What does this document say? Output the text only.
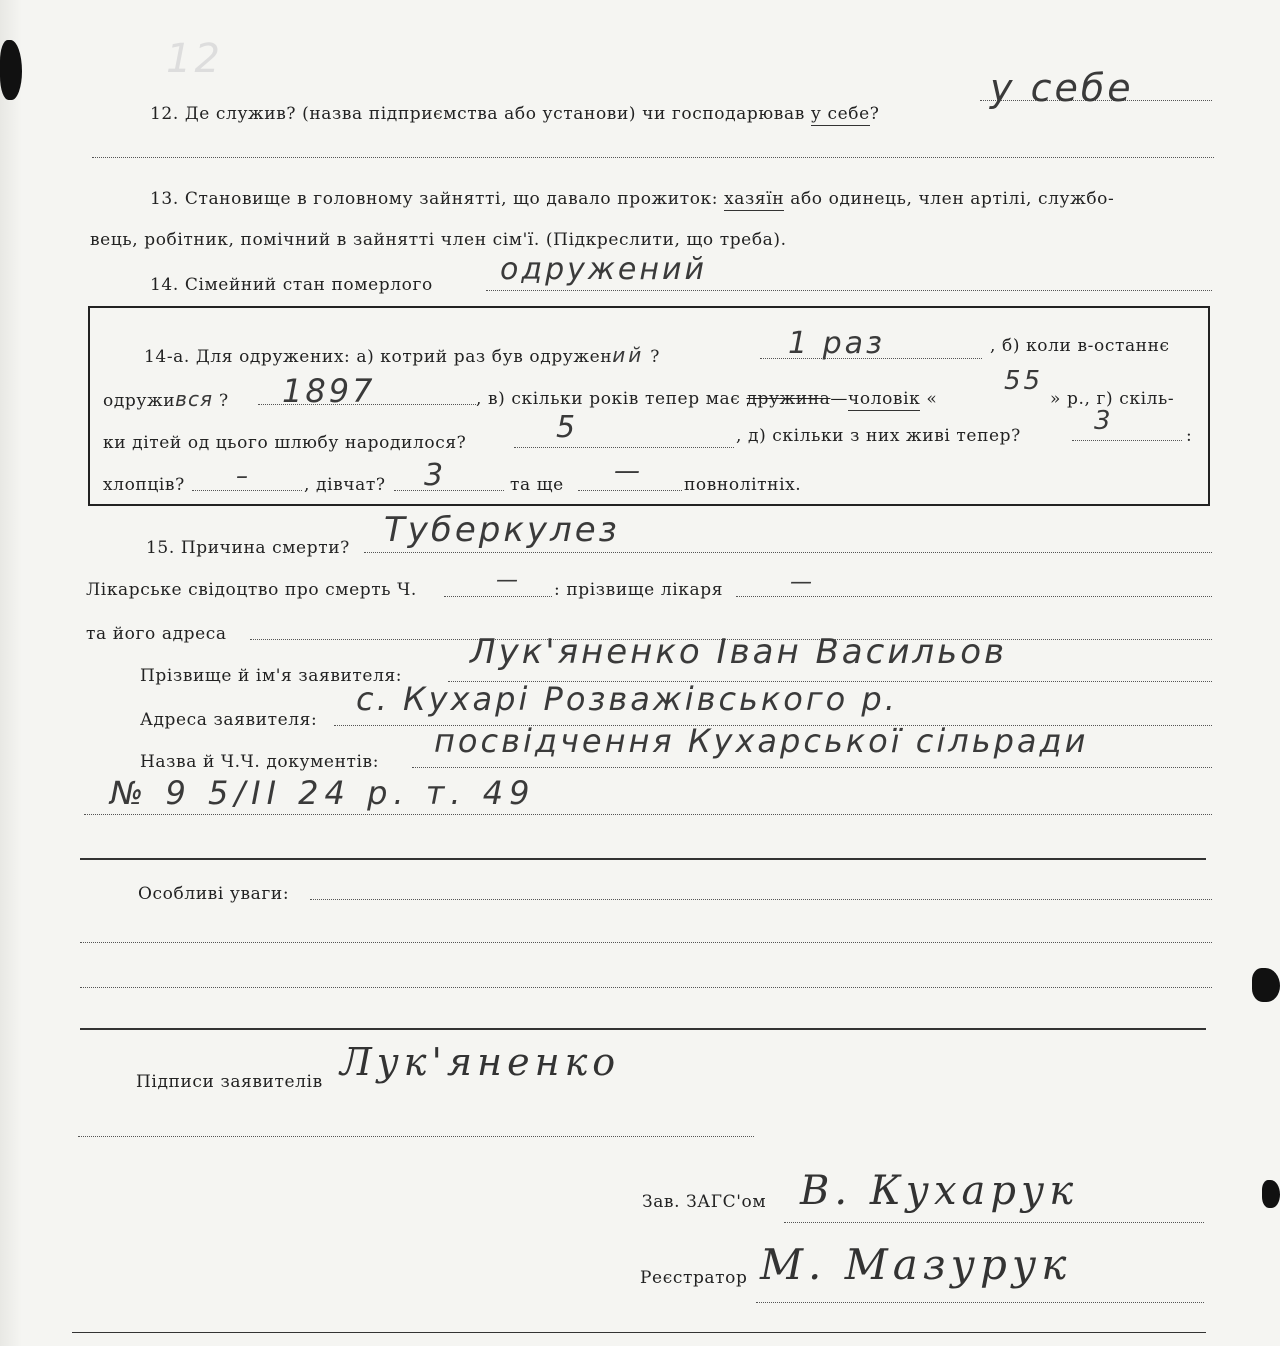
12
12. Де служив? (назва підприємства або установи) чи господарював у себе?
у себе
13. Становище в головному зайнятті, що давало прожиток: хазяїн або одинець, член артілі, службо-
вець, робітник, помічний в зайнятті член сім'ї. (Підкреслити, що треба).
14. Сімейний стан померлого одружений
14-а. Для одружених: а) котрий раз був одружений ?	1 раз	, б) коли в-останнє
одружився ? 1897	, в) скільки років тепер має дружина—чоловік «
55
» р., г) скіль-
ки дітей од цього шлюбу народилося?	5	, д) скільки з них живі тепер?	3	:
хлопців? –	, дівчат? 3	та ще — повнолітніх.
15. Причина смерти? Туберкулез
Лікарське свідоцтво про смерть Ч.	— : прізвище лікаря	—
та його адреса
Прізвище й ім'я заявителя:
Лук'яненко Іван Васильов
Адреса заявителя:
с. Кухарі Розважівського р.
Назва й Ч.Ч. документів:
посвідчення Кухарської сільради
№ 9 5/ІІ 24 р. т. 49
Особливі уваги:
Підписи заявителів Лук'яненко
Зав. ЗАГС'ом В. Кухарук
Реєстратор М. Мазурук
